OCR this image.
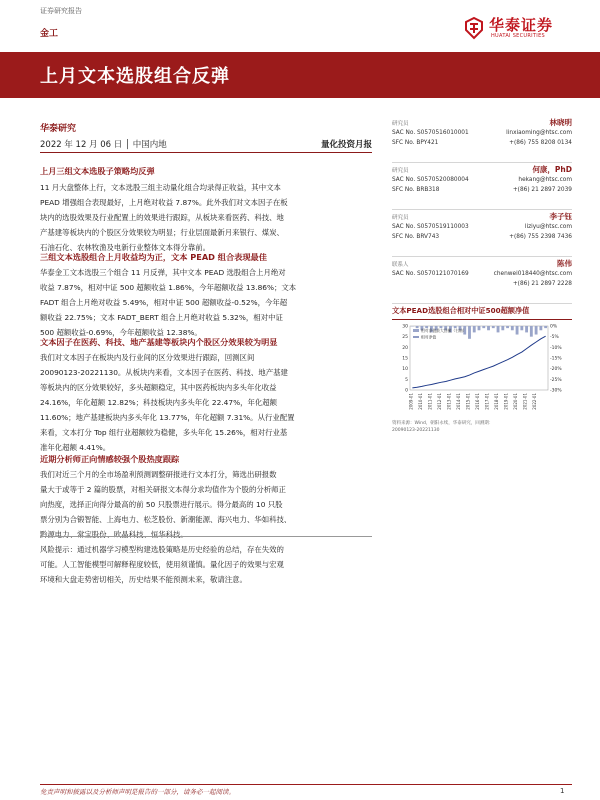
证券研究报告
金工	华泰证券
HUATAI SECURITIES
上月文本选股组合反弹
华泰研究
2022 年 12 月 06 日 │ 中国内地	量化投资月报
上月三组文本选股子策略均反弹
11 月大盘整体上行，文本选股三组主动量化组合均录得正收益，其中文本
PEAD 增强组合表现最好，上月绝对收益 7.87%。此外我们对文本因子在板
块内的选股效果及行业配置上的效果进行跟踪，从板块来看医药、科技、地
产基建等板块内的个股区分效果较为明显；行业层面最新月来银行、煤炭、
石油石化、农林牧渔及电新行业整体文本得分靠前。
三组文本选股组合上月收益均为正，文本 PEAD 组合表现最佳
华泰金工文本选股三个组合 11 月反弹，其中文本 PEAD 选股组合上月绝对
收益 7.87%，相对中证 500 超额收益 1.86%，今年超额收益 13.86%；文本
FADT 组合上月绝对收益 5.49%，相对中证 500 超额收益-0.52%，今年超
额收益 22.75%；文本 FADT_BERT 组合上月绝对收益 5.32%，相对中证
500 超额收益-0.69%，今年超额收益 12.38%。
文本因子在医药、科技、地产基建等板块内个股区分效果较为明显
我们对文本因子在板块内及行业间的区分效果进行跟踪，回测区间
20090123-20221130。从板块内来看，文本因子在医药、科技、地产基建
等板块内的区分效果较好，多头超额稳定，其中医药板块内多头年化收益
24.16%，年化超额 12.82%；科技板块内多头年化 22.47%，年化超额
11.60%；地产基建板块内多头年化 13.77%，年化超额 7.31%。从行业配置
来看，文本打分 Top 组行业超额较为稳健，多头年化 15.26%，相对行业基
准年化超额 4.41%。
近期分析师正向情感较强个股热度跟踪
我们对近三个月的全市场盈利预测调整研报进行文本打分，筛选出研报数
量大于或等于 2 篇的股票，对相关研报文本得分求均值作为个股的分析师正
向热度，选择正向得分最高的前 50 只股票进行展示。得分最高的 10 只股
票分别为合锻智能、上海电力、松芝股份、新潮能源、海兴电力、华如科技、
黔源电力、常宝股份、欧晶科技、恒华科技。
风险提示：通过机器学习模型构建选股策略是历史经验的总结，存在失效的
可能。人工智能模型可解释程度较低，使用须谨慎。量化因子的效果与宏观
环境和大盘走势密切相关，历史结果不能预测未来，敬请注意。
研究员	林晓明
SAC No. S0570516010001	linxiaoming@htsc.com
SFC No. BPY421	+(86) 755 8208 0134
研究员	何康，PhD
SAC No. S0570520080004	hekang@htsc.com
SFC No. BRB318	+(86) 21 2897 2039
研究员	李子钰
SAC No. S0570519110003	liziyu@htsc.com
SFC No. BRV743	+(86) 755 2398 7436
联系人	陈伟
SAC No. S0570121070169	chenwei018440@htsc.com
+(86) 21 2897 2228
文本PEAD选股组合相对中证500超额净值
0
5
10
15
20
25
30	0%
-5%
-10%
-15%
-20%
-25%
-30%
2009-01 2010-01 2011-01 2012-01 2013-01 2014-01 2015-01 2016-01 2017-01 2018-01 2019-01 2020-01 2021-01 2022-01
相对净值最大回撤（右轴）
相对净值
资料来源：Wind，朝阳永续，华泰研究，回测期：
20090123-20221130
免责声明和披露以及分析师声明是报告的一部分，请务必一起阅读。	1
